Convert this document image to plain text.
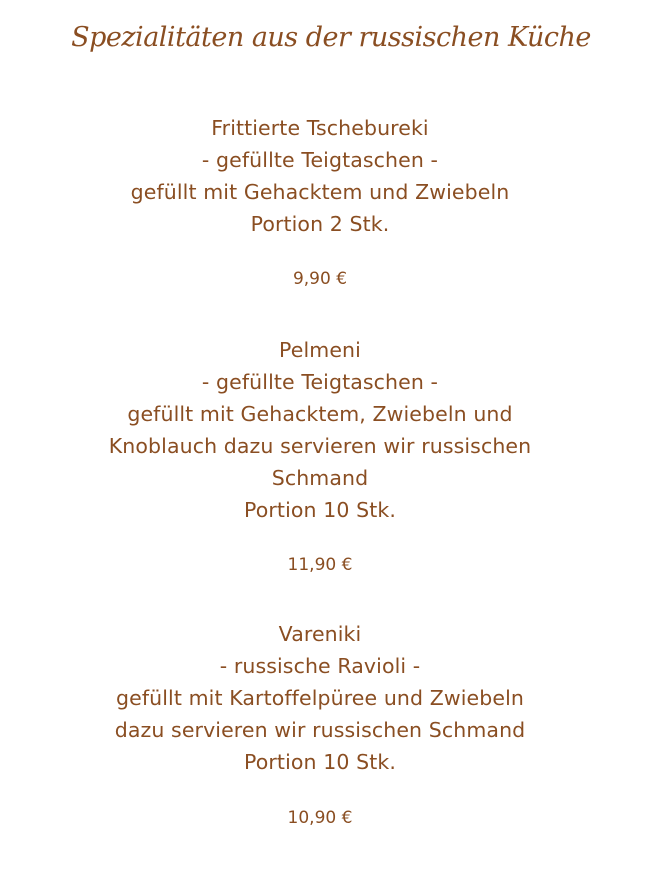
Spezialitäten aus der russischen Küche
Frittierte Tschebureki
- gefüllte Teigtaschen -
gefüllt mit Gehacktem und Zwiebeln
Portion 2 Stk.
9,90 €
Pelmeni
- gefüllte Teigtaschen -
gefüllt mit Gehacktem, Zwiebeln und
Knoblauch dazu servieren wir russischen
Schmand
Portion 10 Stk.
11,90 €
Vareniki
- russische Ravioli -
gefüllt mit Kartoffelpüree und Zwiebeln
dazu servieren wir russischen Schmand
Portion 10 Stk.
10,90 €
